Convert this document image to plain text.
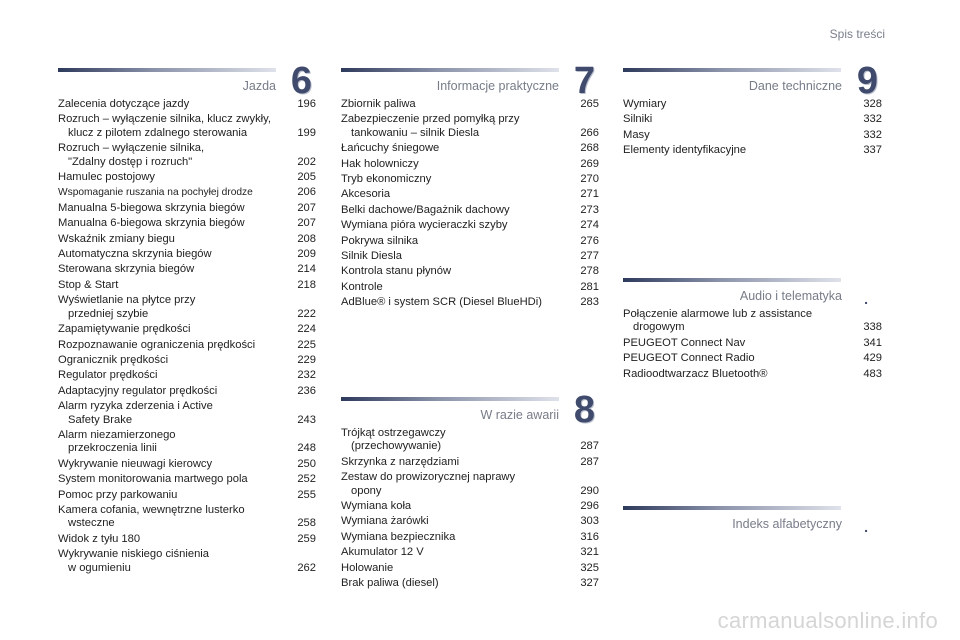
Spis treści
Jazda 6
Zalecenia dotyczące jazdy	196
Rozruch – wyłączenie silnika, klucz zwykły,
klucz z pilotem zdalnego sterowania	199
Rozruch – wyłączenie silnika,
"Zdalny dostęp i rozruch"	202
Hamulec postojowy	205
Wspomaganie ruszania na pochyłej drodze	206
Manualna 5-biegowa skrzynia biegów	207
Manualna 6-biegowa skrzynia biegów	207
Wskaźnik zmiany biegu	208
Automatyczna skrzynia biegów	209
Sterowana skrzynia biegów	214
Stop & Start	218
Wyświetlanie na płytce przy
przedniej szybie	222
Zapamiętywanie prędkości	224
Rozpoznawanie ograniczenia prędkości	225
Ogranicznik prędkości	229
Regulator prędkości	232
Adaptacyjny regulator prędkości	236
Alarm ryzyka zderzenia i Active
Safety Brake	243
Alarm niezamierzonego
przekroczenia linii	248
Wykrywanie nieuwagi kierowcy	250
System monitorowania martwego pola	252
Pomoc przy parkowaniu	255
Kamera cofania, wewnętrzne lusterko
wsteczne	258
Widok z tyłu 180	259
Wykrywanie niskiego ciśnienia
w ogumieniu	262
Informacje praktyczne 7
Zbiornik paliwa	265
Zabezpieczenie przed pomyłką przy
tankowaniu – silnik Diesla	266
Łańcuchy śniegowe	268
Hak holowniczy	269
Tryb ekonomiczny	270
Akcesoria	271
Belki dachowe/Bagażnik dachowy	273
Wymiana pióra wycieraczki szyby	274
Pokrywa silnika	276
Silnik Diesla	277
Kontrola stanu płynów	278
Kontrole	281
AdBlue® i system SCR (Diesel BlueHDi)	283
W razie awarii 8
Trójkąt ostrzegawczy
(przechowywanie)	287
Skrzynka z narzędziami	287
Zestaw do prowizorycznej naprawy
opony	290
Wymiana koła	296
Wymiana żarówki	303
Wymiana bezpiecznika	316
Akumulator 12 V	321
Holowanie	325
Brak paliwa (diesel)	327
Dane techniczne 9
Wymiary	328
Silniki	332
Masy	332
Elementy identyfikacyjne	337
Audio i telematyka .
Połączenie alarmowe lub z assistance
drogowym	338
PEUGEOT Connect Nav	341
PEUGEOT Connect Radio	429
Radioodtwarzacz Bluetooth®	483
Indeks alfabetyczny .
carmanualsonline.info
